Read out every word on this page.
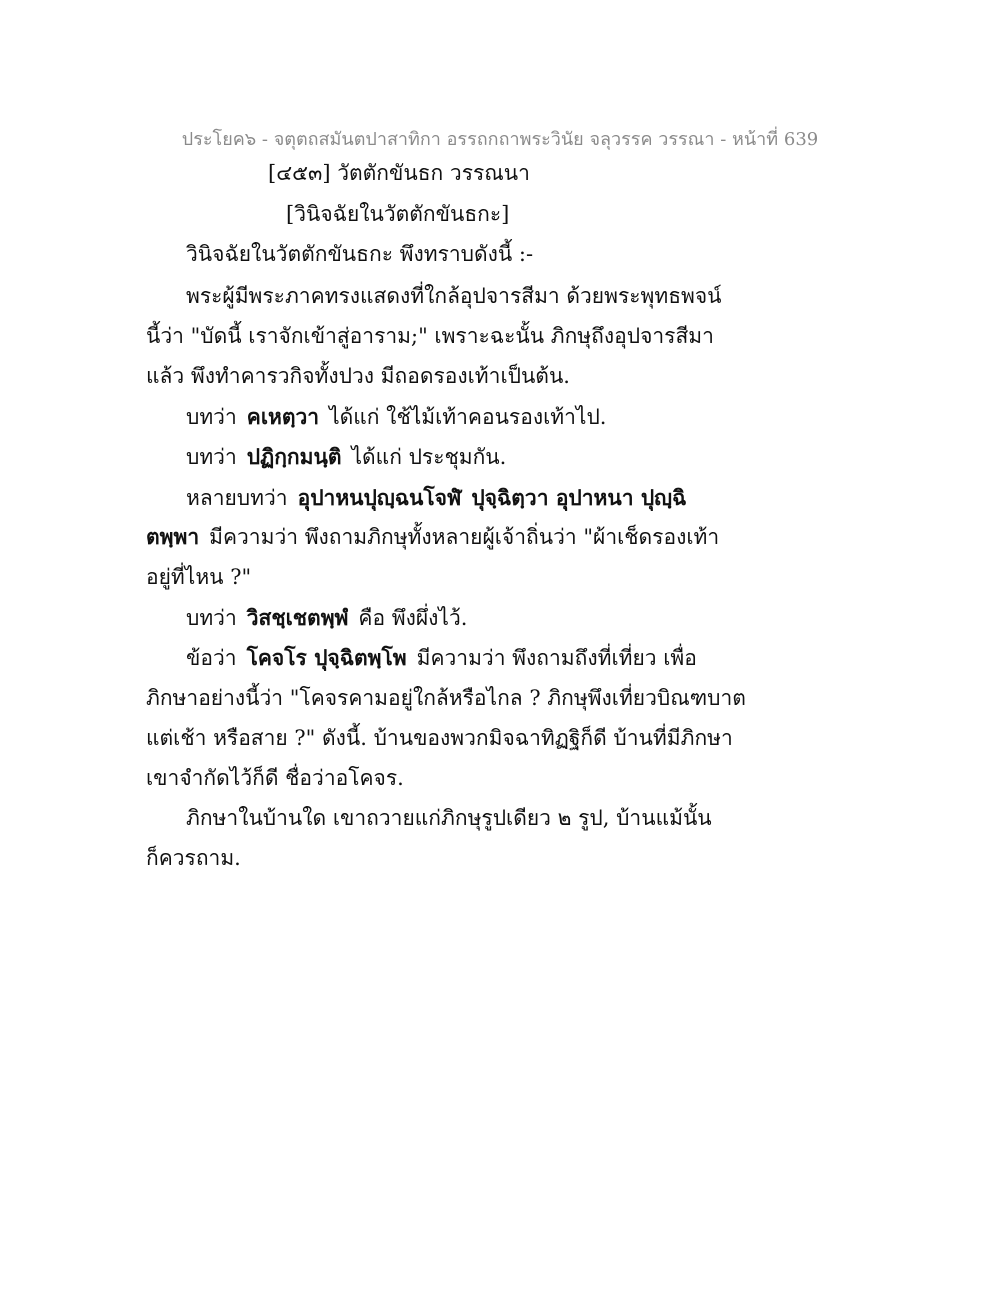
ประโยค๖ - จตุตถสมันตปาสาทิกา อรรถกถาพระวินัย จลุวรรค วรรณา - หน้าที่ 639
[๔๕๓] วัตตักขันธก วรรณนา
[วินิจฉัยในวัตตักขันธกะ]
วินิจฉัยในวัตตักขันธกะ พึงทราบดังนี้ :-
พระผู้มีพระภาคทรงแสดงที่ใกล้อุปจารสีมา ด้วยพระพุทธพจน์
นี้ว่า "บัดนี้ เราจักเข้าสู่อาราม;" เพราะฉะนั้น ภิกษุถึงอุปจารสีมา
แล้ว พึงทำคารวกิจทั้งปวง มีถอดรองเท้าเป็นต้น.
บทว่า คเหตฺวา ได้แก่ ใช้ไม้เท้าคอนรองเท้าไป.
บทว่า ปฏิกฺกมนฺติ ได้แก่ ประชุมกัน.
หลายบทว่า อุปาหนปุญฺฉนโจฬํ ปุจฺฉิตฺวา อุปาหนา ปุญฺฉิ
ตพฺพา มีความว่า พึงถามภิกษุทั้งหลายผู้เจ้าถิ่นว่า "ผ้าเช็ดรองเท้า
อยู่ที่ไหน ?"
บทว่า วิสชฺเชตพฺพํ คือ พึงผึ่งไว้.
ข้อว่า โคจโร ปุจฺฉิตพฺโพ มีความว่า พึงถามถึงที่เที่ยว เพื่อ
ภิกษาอย่างนี้ว่า "โคจรคามอยู่ใกล้หรือไกล ? ภิกษุพึงเที่ยวบิณฑบาต
แต่เช้า หรือสาย ?" ดังนี้. บ้านของพวกมิจฉาทิฏฐิก็ดี บ้านที่มีภิกษา
เขาจำกัดไว้ก็ดี ชื่อว่าอโคจร.
ภิกษาในบ้านใด เขาถวายแก่ภิกษุรูปเดียว ๒ รูป, บ้านแม้นั้น
ก็ควรถาม.
